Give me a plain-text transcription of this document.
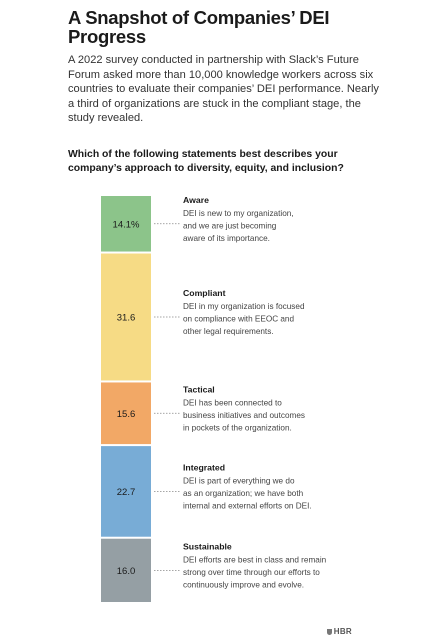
A Snapshot of Companies’ DEI Progress

A 2022 survey conducted in partnership with Slack’s Future Forum asked more than 10,000 knowledge workers across six countries to evaluate their companies’ DEI performance. Nearly a third of organizations are stuck in the compliant stage, the study revealed.

Which of the following statements best describes your company’s approach to diversity, equity, and inclusion?

14.1%
Aware
DEI is new to my organization,
and we are just becoming
aware of its importance.
31.6
Compliant
DEI in my organization is focused
on compliance with EEOC and
other legal requirements.
15.6
Tactical
DEI has been connected to
business initiatives and outcomes
in pockets of the organization.
22.7
Integrated
DEI is part of everything we do
as an organization; we have both
internal and external efforts on DEI.
16.0
Sustainable
DEI efforts are best in class and remain
strong over time through our efforts to
continuously improve and evolve.
HBR
